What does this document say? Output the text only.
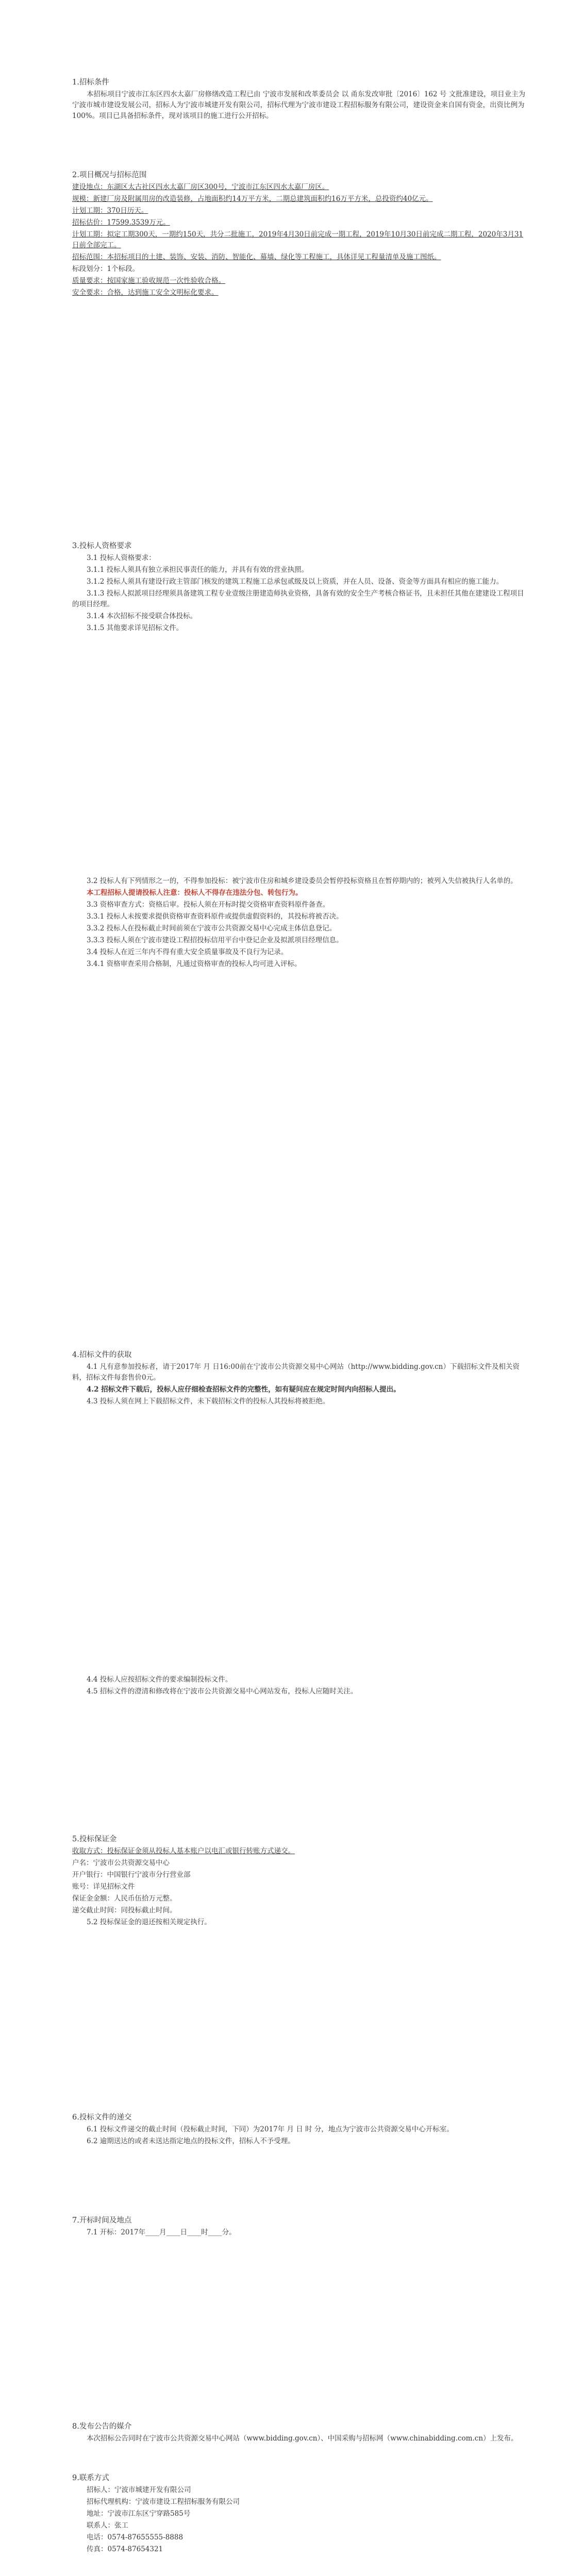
1.招标条件

本招标项目宁波市江东区四水太嘉厂房修缮改造工程已由 宁波市发展和改革委员会 以 甬东发改审批〔2016〕162 号 文批准建设，项目业主为宁波市城市建设发展公司，招标人为宁波市城建开发有限公司，招标代理为宁波市建设工程招标服务有限公司，建设资金来自国有资金，出资比例为100%。项目已具备招标条件，现对该项目的施工进行公开招标。

2.项目概况与招标范围

建设地点：东湖区太古社区四水太嘉厂房区300号，宁波市江东区四水太嘉厂房区。

规模：新建厂房及附属用房的改造装修，占地面积约14万平方米，二期总建筑面积约16万平方米，总投资约40亿元。

计划工期：370日历天。

招标估价：17599.3539万元。

计划工期：拟定工期300天，一期约150天，共分二批施工，2019年4月30日前完成一期工程，2019年10月30日前完成二期工程，2020年3月31日前全部完工。

招标范围：本招标项目的土建、装饰、安装、消防、智能化、幕墙、绿化等工程施工，具体详见工程量清单及施工图纸。

标段划分：1个标段。

质量要求：按国家施工验收规范一次性验收合格。

安全要求：合格，达到施工安全文明标化要求。

3.投标人资格要求

3.1 投标人资格要求：

3.1.1 投标人须具有独立承担民事责任的能力，并具有有效的营业执照。

3.1.2 投标人须具有建设行政主管部门核发的建筑工程施工总承包贰级及以上资质，并在人员、设备、资金等方面具有相应的施工能力。

3.1.3 投标人拟派项目经理须具备建筑工程专业壹级注册建造师执业资格，具备有效的安全生产考核合格证书，且未担任其他在建建设工程项目的项目经理。

3.1.4 本次招标不接受联合体投标。

3.1.5 其他要求详见招标文件。

3.2 投标人有下列情形之一的，不得参加投标：被宁波市住房和城乡建设委员会暂停投标资格且在暂停期内的；被列入失信被执行人名单的。

本工程招标人提请投标人注意：投标人不得存在违法分包、转包行为。

3.3 资格审查方式：资格后审。投标人须在开标时提交资格审查资料原件备查。

3.3.1 投标人未按要求提供资格审查资料原件或提供虚假资料的，其投标将被否决。

3.3.2 投标人在投标截止时间前须在宁波市公共资源交易中心完成主体信息登记。

3.3.3 投标人须在宁波市建设工程招投标信用平台中登记企业及拟派项目经理信息。

3.4 投标人在近三年内不得有重大安全质量事故及不良行为记录。

3.4.1 资格审查采用合格制，凡通过资格审查的投标人均可进入评标。

4.招标文件的获取

4.1 凡有意参加投标者，请于2017年 月 日16:00前在宁波市公共资源交易中心网站（http://www.bidding.gov.cn）下载招标文件及相关资料，招标文件每套售价0元。

4.2 招标文件下载后，投标人应仔细检查招标文件的完整性，如有疑问应在规定时间内向招标人提出。

4.3 投标人须在网上下载招标文件，未下载招标文件的投标人其投标将被拒绝。

4.4 投标人应按招标文件的要求编制投标文件。

4.5 招标文件的澄清和修改将在宁波市公共资源交易中心网站发布，投标人应随时关注。

5.投标保证金

收取方式：投标保证金须从投标人基本账户以电汇或银行转账方式递交。

户名：宁波市公共资源交易中心

开户银行：中国银行宁波市分行营业部

账号：详见招标文件

保证金金额：人民币伍拾万元整。

递交截止时间：同投标截止时间。

5.2 投标保证金的退还按相关规定执行。

6.投标文件的递交

6.1 投标文件递交的截止时间（投标截止时间，下同）为2017年 月 日 时 分，地点为宁波市公共资源交易中心开标室。

6.2 逾期送达的或者未送达指定地点的投标文件，招标人不予受理。

7.开标时间及地点

7.1 开标：2017年____月____日____时____分。

8.发布公告的媒介

本次招标公告同时在宁波市公共资源交易中心网站（www.bidding.gov.cn）、中国采购与招标网（www.chinabidding.com.cn）上发布。

9.联系方式

招标人：宁波市城建开发有限公司

招标代理机构：宁波市建设工程招标服务有限公司

地址：宁波市江东区宁穿路585号

联系人：张工

电话：0574-87655555-8888

传真：0574-87654321
